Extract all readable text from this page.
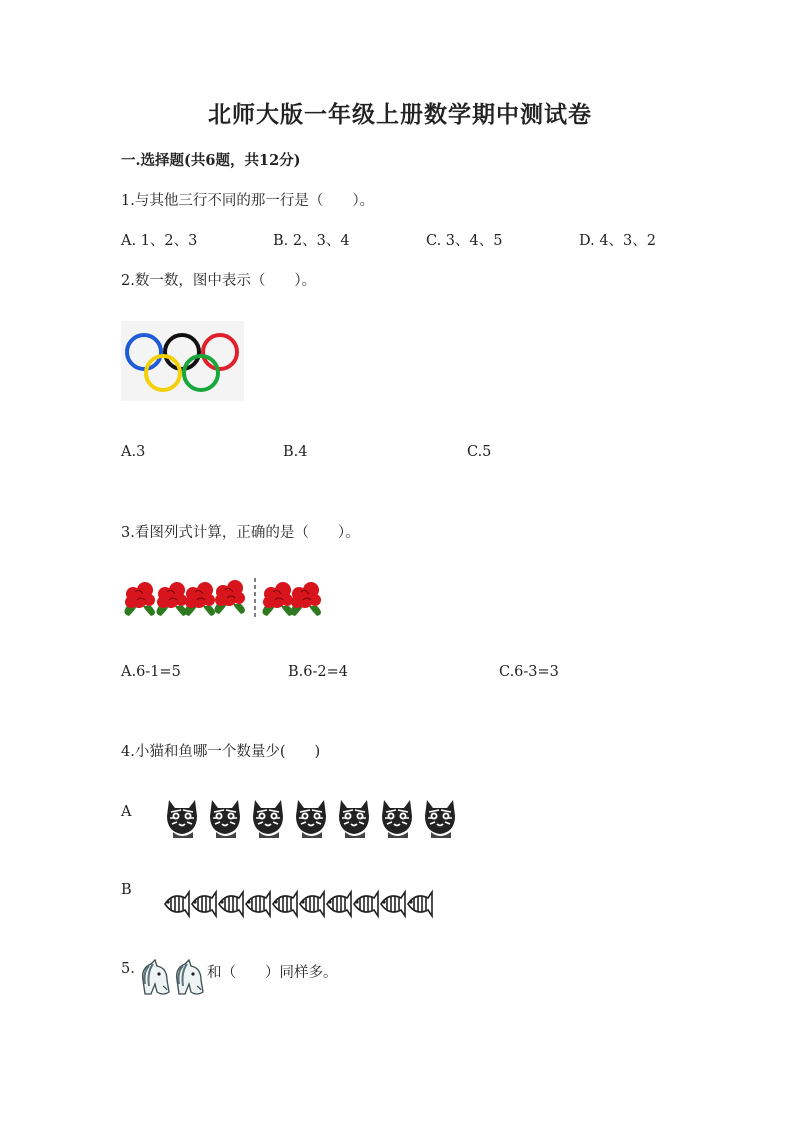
北师大版一年级上册数学期中测试卷
一.选择题(共6题，共12分)
1.与其他三行不同的那一行是（　　）。
A. 1、2、3	B. 2、3、4	C. 3、4、5	D. 4、3、2
2.数一数，图中表示（　　）。
A.3	B.4	C.5
3.看图列式计算，正确的是（　　）。
A.6-1=5	B.6-2=4	C.6-3=3
4.小猫和鱼哪一个数量少(　　)
A
B
5.	和（　　）同样多。
